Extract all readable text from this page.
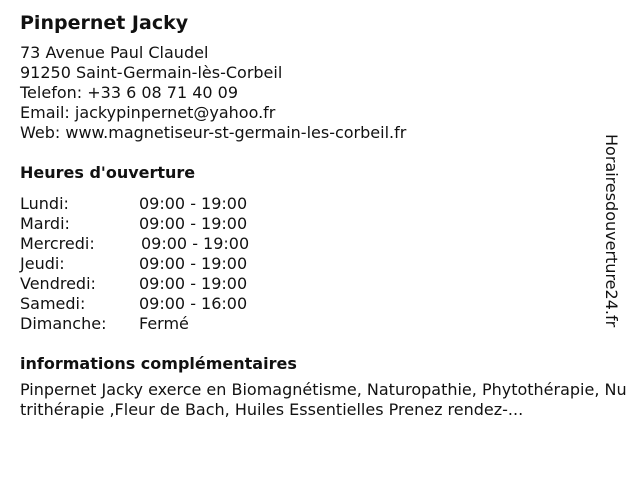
Pinpernet Jacky
73 Avenue Paul Claudel
91250 Saint-Germain-lès-Corbeil
Telefon: +33 6 08 71 40 09
Email: jackypinpernet@yahoo.fr
Web: www.magnetiseur-st-germain-les-corbeil.fr
Heures d'ouverture
Lundi:	09:00 - 19:00
Mardi:	09:00 - 19:00
Mercredi:	09:00 - 19:00
Jeudi:	09:00 - 19:00
Vendredi:	09:00 - 19:00
Samedi:	09:00 - 16:00
Dimanche: Fermé
informations complémentaires
Pinpernet Jacky exerce en Biomagnétisme, Naturopathie, Phytothérapie, Nutrithérapie ,Fleur de Bach, Huiles Essentielles Prenez rendez-...
Horairesdouverture24.fr
